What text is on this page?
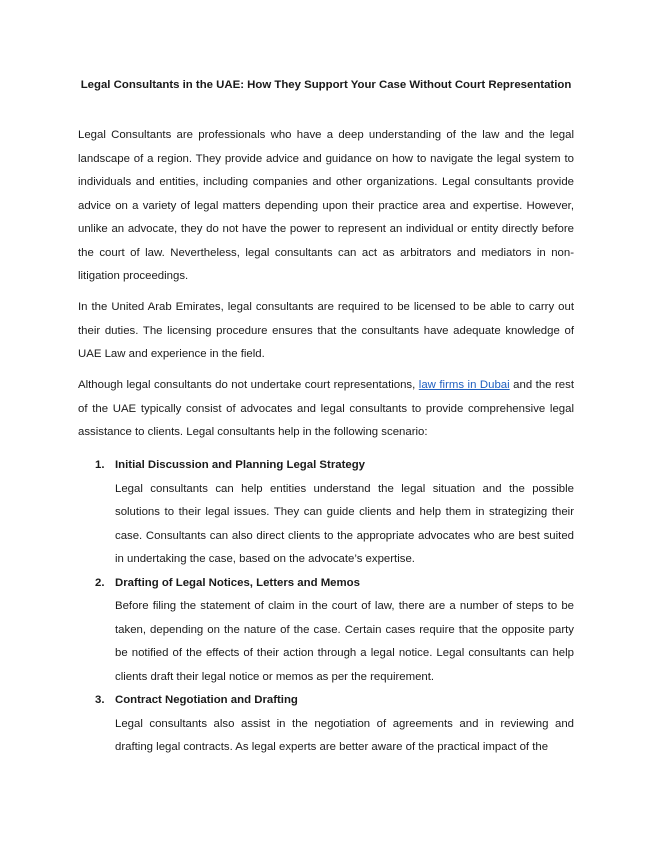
Legal Consultants in the UAE: How They Support Your Case Without Court Representation

Legal Consultants are professionals who have a deep understanding of the law and the legal landscape of a region. They provide advice and guidance on how to navigate the legal system to individuals and entities, including companies and other organizations. Legal consultants provide advice on a variety of legal matters depending upon their practice area and expertise. However, unlike an advocate, they do not have the power to represent an individual or entity directly before the court of law. Nevertheless, legal consultants can act as arbitrators and mediators in non-litigation proceedings.

In the United Arab Emirates, legal consultants are required to be licensed to be able to carry out their duties. The licensing procedure ensures that the consultants have adequate knowledge of UAE Law and experience in the field.

Although legal consultants do not undertake court representations, law firms in Dubai and the rest of the UAE typically consist of advocates and legal consultants to provide comprehensive legal assistance to clients. Legal consultants help in the following scenario:

1. Initial Discussion and Planning Legal Strategy

Legal consultants can help entities understand the legal situation and the possible solutions to their legal issues. They can guide clients and help them in strategizing their case. Consultants can also direct clients to the appropriate advocates who are best suited in undertaking the case, based on the advocate’s expertise.

2. Drafting of Legal Notices, Letters and Memos

Before filing the statement of claim in the court of law, there are a number of steps to be taken, depending on the nature of the case. Certain cases require that the opposite party be notified of the effects of their action through a legal notice. Legal consultants can help clients draft their legal notice or memos as per the requirement.

3. Contract Negotiation and Drafting

Legal consultants also assist in the negotiation of agreements and in reviewing and drafting legal contracts. As legal experts are better aware of the practical impact of the
